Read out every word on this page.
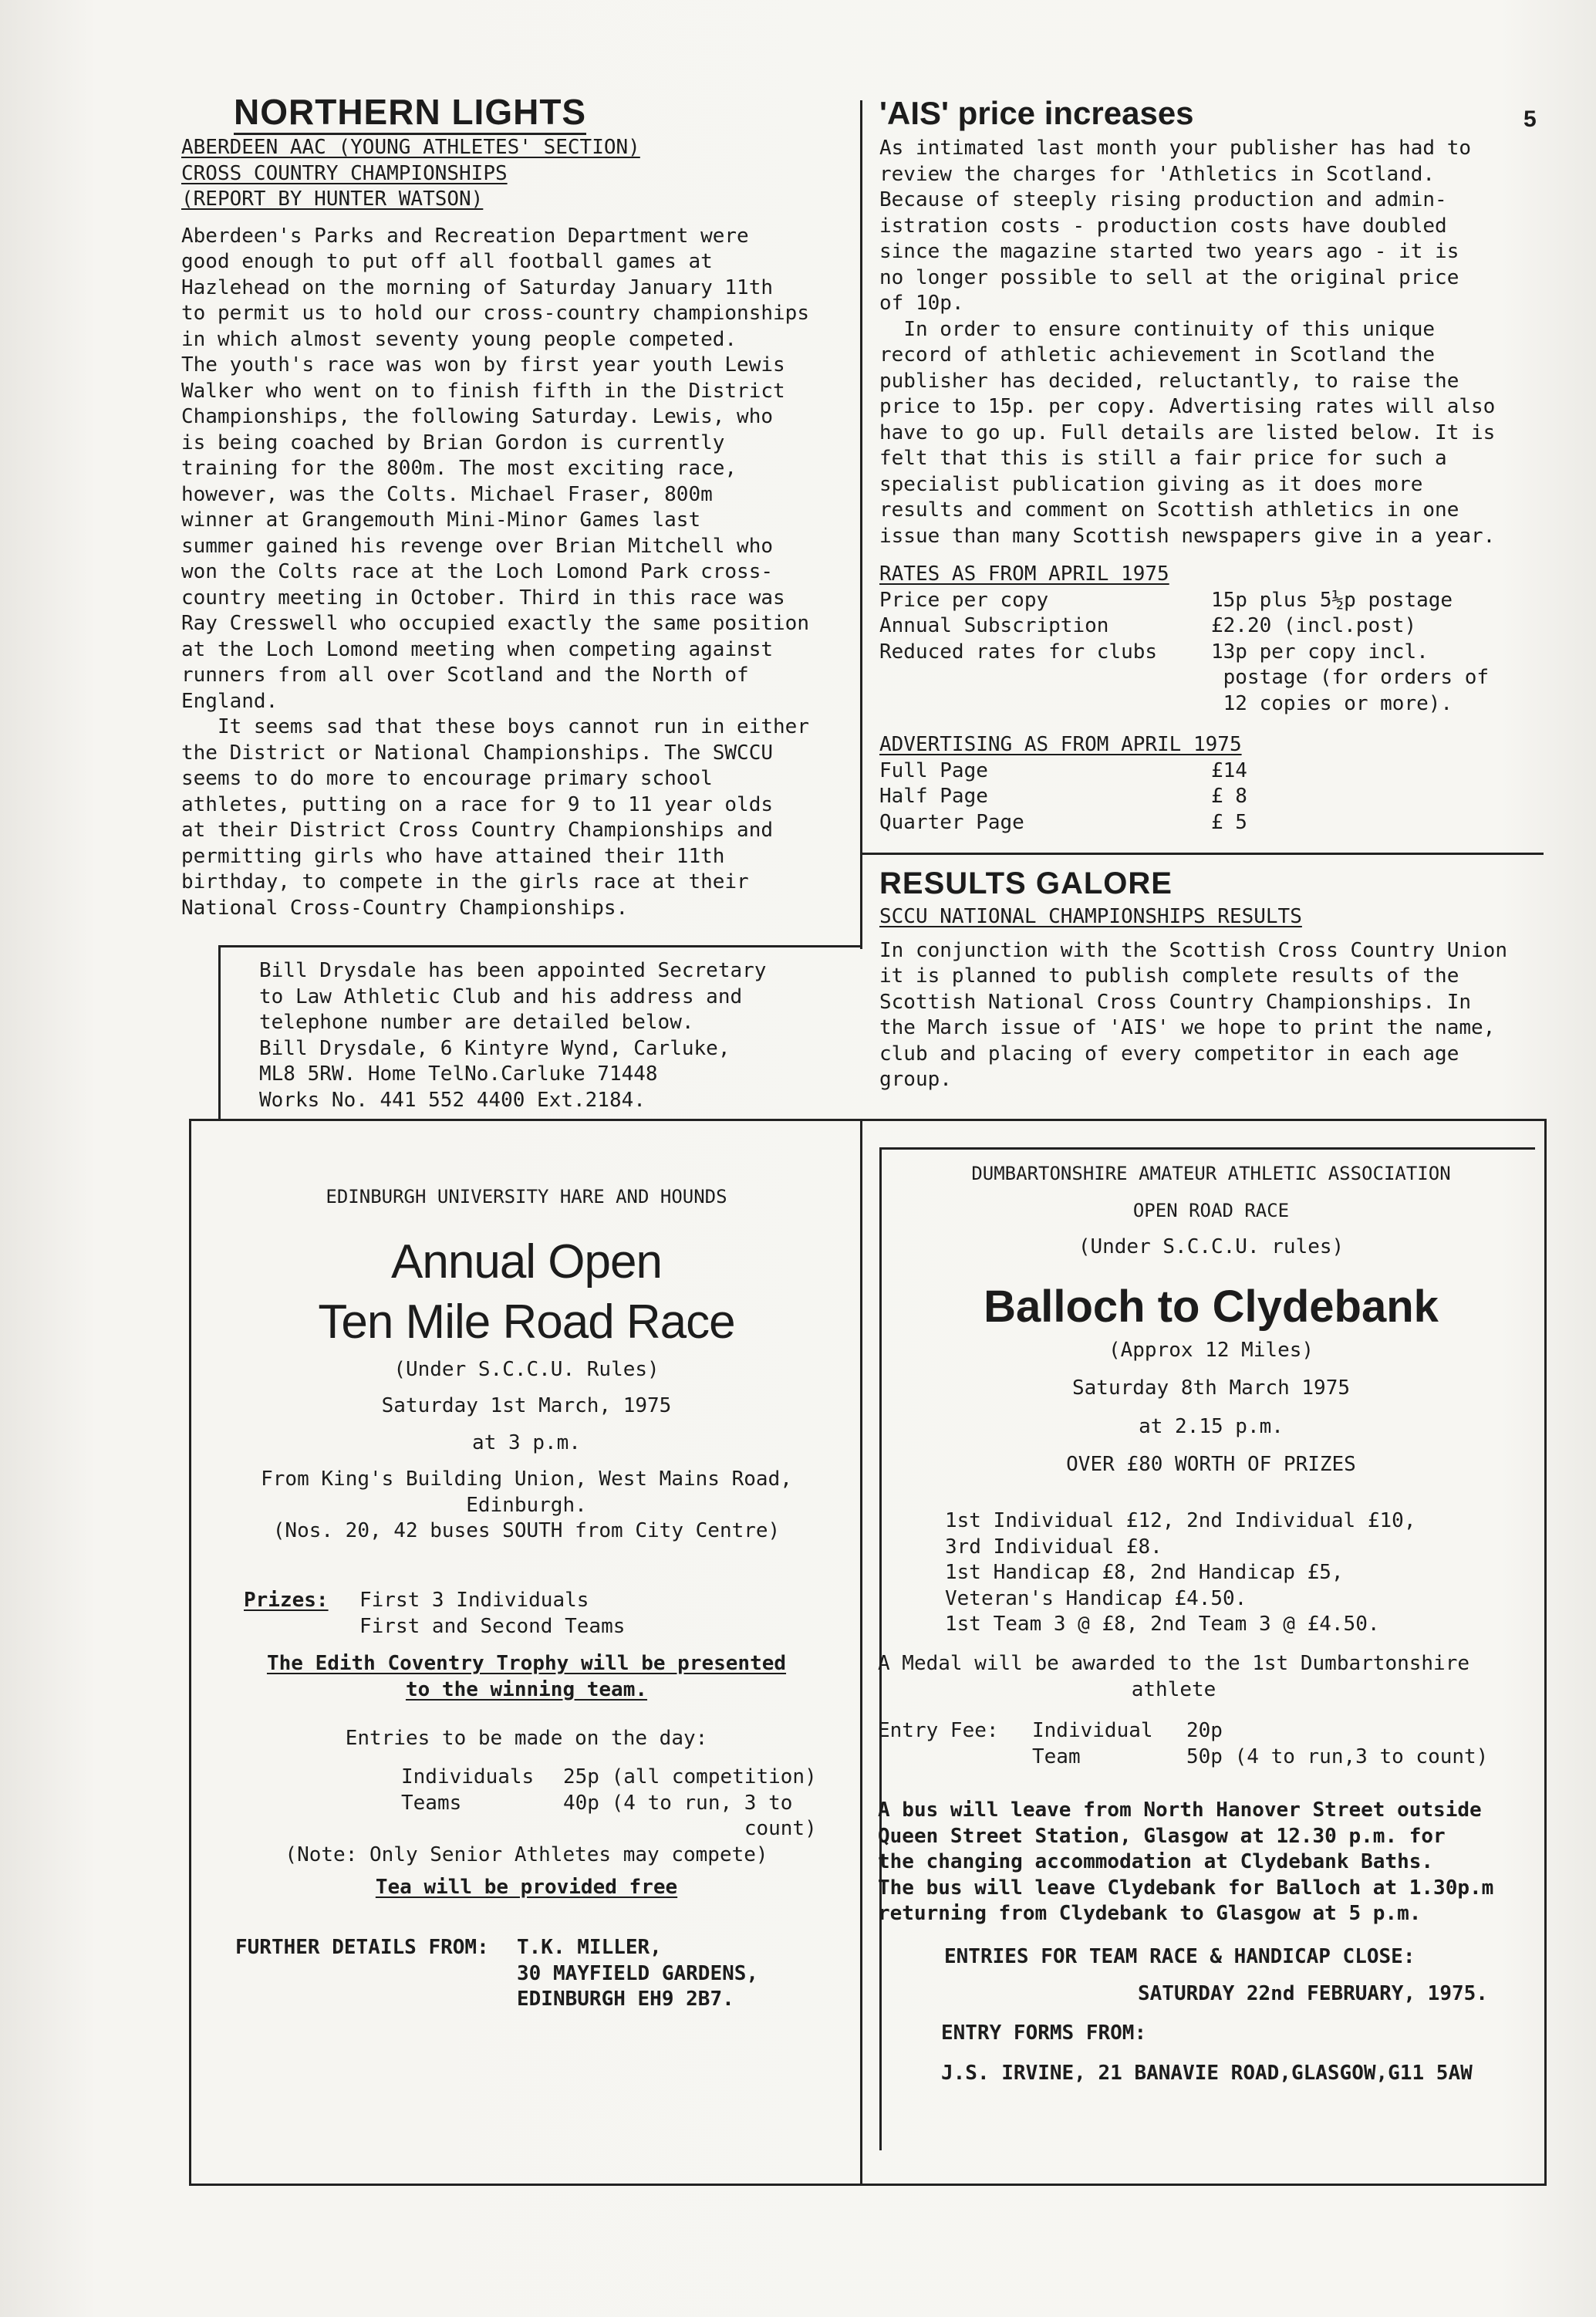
5
NORTHERN LIGHTS
ABERDEEN AAC (YOUNG ATHLETES' SECTION)
CROSS COUNTRY CHAMPIONSHIPS
(REPORT BY HUNTER WATSON)
Aberdeen's Parks and Recreation Department were
good enough to put off all football games at
Hazlehead on the morning of Saturday January 11th
to permit us to hold our cross-country championships
in which almost seventy young people competed.
The youth's race was won by first year youth Lewis
Walker who went on to finish fifth in the District
Championships, the following Saturday. Lewis, who
is being coached by Brian Gordon is currently
training for the 800m. The most exciting race,
however, was the Colts. Michael Fraser, 800m
winner at Grangemouth Mini-Minor Games last
summer gained his revenge over Brian Mitchell who
won the Colts race at the Loch Lomond Park cross-
country meeting in October. Third in this race was
Ray Cresswell who occupied exactly the same position
at the Loch Lomond meeting when competing against
runners from all over Scotland and the North of
England.
It seems sad that these boys cannot run in either
the District or National Championships. The SWCCU
seems to do more to encourage primary school
athletes, putting on a race for 9 to 11 year olds
at their District Cross Country Championships and
permitting girls who have attained their 11th
birthday, to compete in the girls race at their
National Cross-Country Championships.
Bill Drysdale has been appointed Secretary
to Law Athletic Club and his address and
telephone number are detailed below.
Bill Drysdale, 6 Kintyre Wynd, Carluke,
ML8 5RW. Home TelNo.Carluke 71448
Works No. 441 552 4400 Ext.2184.
'AIS' price increases
As intimated last month your publisher has had to
review the charges for 'Athletics in Scotland.
Because of steeply rising production and admin-
istration costs - production costs have doubled
since the magazine started two years ago - it is
no longer possible to sell at the original price
of 10p.
In order to ensure continuity of this unique
record of athletic achievement in Scotland the
publisher has decided, reluctantly, to raise the
price to 15p. per copy. Advertising rates will also
have to go up. Full details are listed below. It is
felt that this is still a fair price for such a
specialist publication giving as it does more
results and comment on Scottish athletics in one
issue than many Scottish newspapers give in a year.
RATES AS FROM APRIL 1975
Price per copy	15p plus 5½p postage
Annual Subscription	£2.20 (incl.post)
Reduced rates for clubs	13p per copy incl.
postage (for orders of
12 copies or more).
ADVERTISING AS FROM APRIL 1975
Full Page	£14
Half Page	£ 8
Quarter Page	£ 5
RESULTS GALORE
SCCU NATIONAL CHAMPIONSHIPS RESULTS
In conjunction with the Scottish Cross Country Union
it is planned to publish complete results of the
Scottish National Cross Country Championships. In
the March issue of 'AIS' we hope to print the name,
club and placing of every competitor in each age
group.
EDINBURGH UNIVERSITY HARE AND HOUNDS
Annual Open
Ten Mile Road Race
(Under S.C.C.U. Rules)
Saturday 1st March, 1975
at 3 p.m.
From King's Building Union, West Mains Road,
Edinburgh.
(Nos. 20, 42 buses SOUTH from City Centre)
Prizes:	First 3 Individuals
First and Second Teams
The Edith Coventry Trophy will be presented
to the winning team.
Entries to be made on the day:
Individuals	25p (all competition)
Teams	40p (4 to run, 3 to
count)
(Note: Only Senior Athletes may compete)
Tea will be provided free
FURTHER DETAILS FROM:	T.K. MILLER,
30 MAYFIELD GARDENS,
EDINBURGH EH9 2B7.
DUMBARTONSHIRE AMATEUR ATHLETIC ASSOCIATION
OPEN ROAD RACE
(Under S.C.C.U. rules)
Balloch to Clydebank
(Approx 12 Miles)
Saturday 8th March 1975
at 2.15 p.m.
OVER £80 WORTH OF PRIZES
1st Individual £12, 2nd Individual £10,
3rd Individual £8.
1st Handicap £8, 2nd Handicap £5,
Veteran's Handicap £4.50.
1st Team 3 @ £8, 2nd Team 3 @ £4.50.
A Medal will be awarded to the 1st Dumbartonshire
athlete
Entry Fee:	Individual	20p
Team	50p (4 to run,3 to count)
A bus will leave from North Hanover Street outside
Queen Street Station, Glasgow at 12.30 p.m. for
the changing accommodation at Clydebank Baths.
The bus will leave Clydebank for Balloch at 1.30p.m
returning from Clydebank to Glasgow at 5 p.m.
ENTRIES FOR TEAM RACE & HANDICAP CLOSE:
SATURDAY 22nd FEBRUARY, 1975.
ENTRY FORMS FROM:
J.S. IRVINE, 21 BANAVIE ROAD,GLASGOW,G11 5AW
